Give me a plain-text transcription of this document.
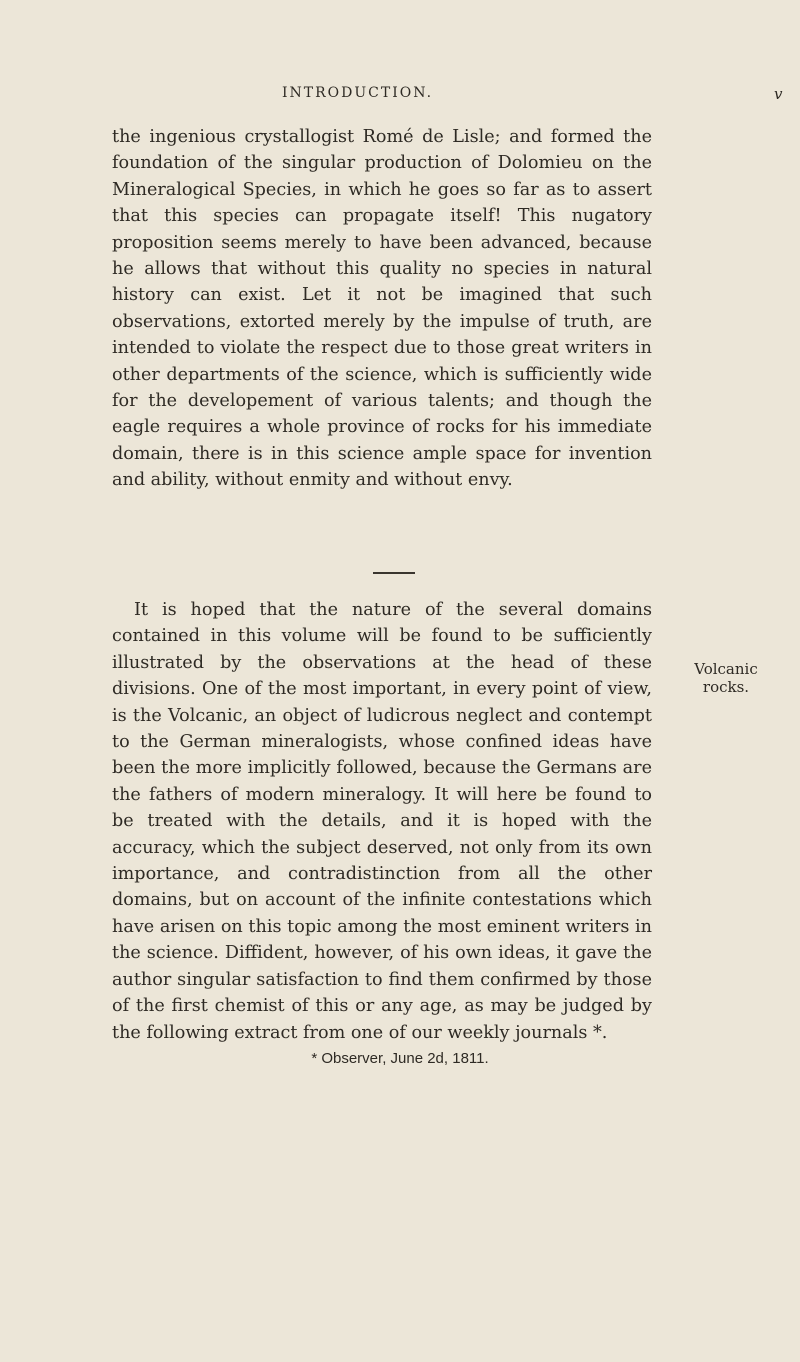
INTRODUCTION.	v
the ingenious crystallogist Romé de Lisle; and formed the foundation of the singular production of Dolomieu on the Mineralogical Species, in which he goes so far as to assert that this species can propagate itself! This nugatory proposition seems merely to have been advanced, because he allows that without this quality no species in natural history can exist. Let it not be imagined that such observations, extorted merely by the impulse of truth, are intended to violate the respect due to those great writers in other departments of the science, which is sufficiently wide for the developement of various talents; and though the eagle requires a whole province of rocks for his immediate domain, there is in this science ample space for invention and ability, without enmity and without envy.
It is hoped that the nature of the several domains contained in this volume will be found to be sufficiently illustrated by the observations at the head of these divisions. One of the most important, in every point of view, is the Volcanic, an object of ludicrous neglect and contempt to the German mineralogists, whose confined ideas have been the more implicitly followed, because the Germans are the fathers of modern mineralogy. It will here be found to be treated with the details, and it is hoped with the accuracy, which the subject deserved, not only from its own importance, and contradistinction from all the other domains, but on account of the infinite contestations which have arisen on this topic among the most eminent writers in the science. Diffident, however, of his own ideas, it gave the author singular satisfaction to find them confirmed by those of the first chemist of this or any age, as may be judged by the following extract from one of our weekly journals *.
Volcanic rocks.
* Observer, June 2d, 1811.
